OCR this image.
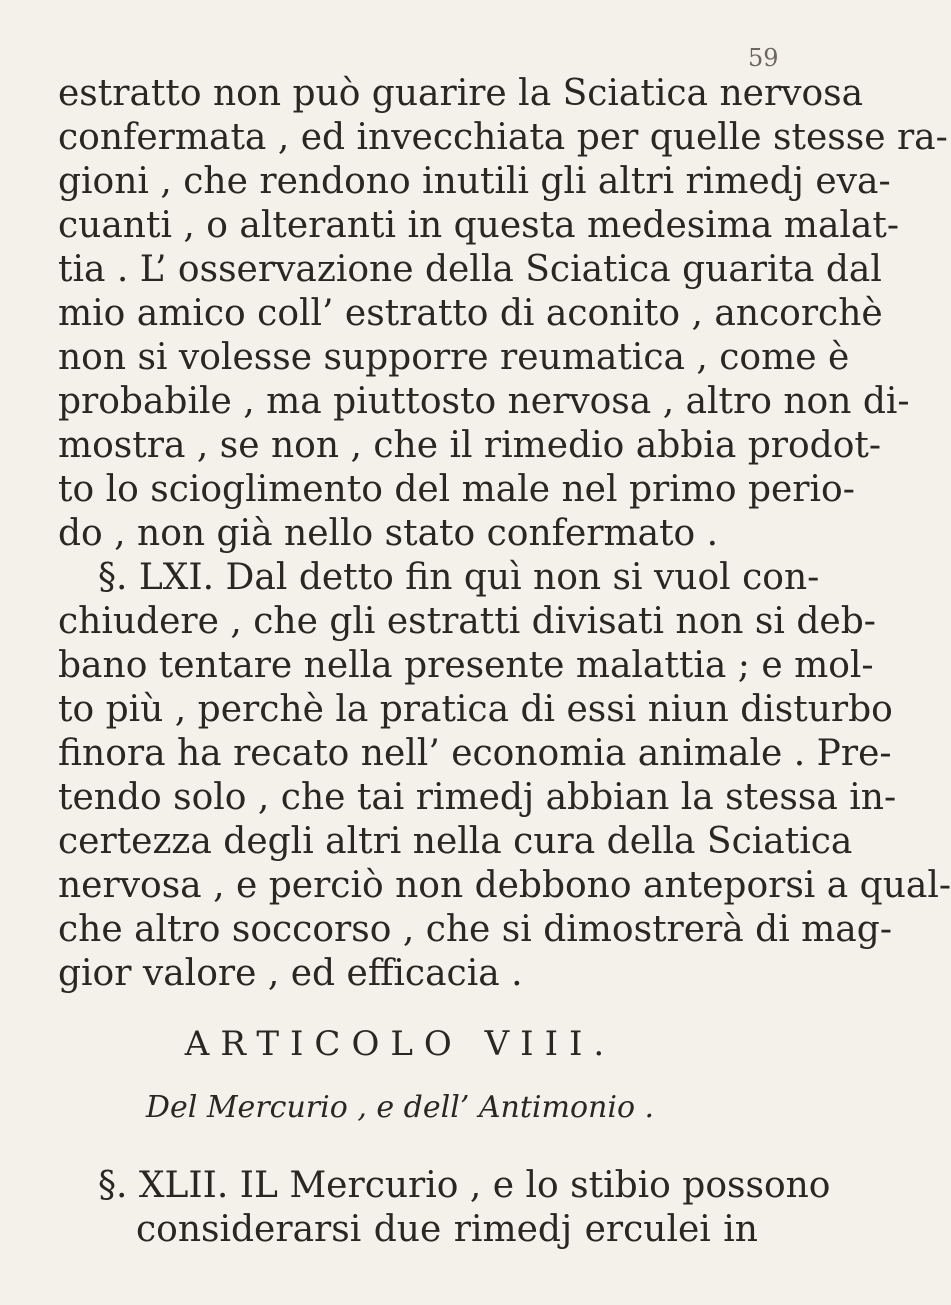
59
estratto non può guarire la Sciatica nervosa
confermata , ed invecchiata per quelle stesse ra-
gioni , che rendono inutili gli altri rimedj eva-
cuanti , o alteranti in questa medesima malat-
tia . L’ osservazione della Sciatica guarita dal
mio amico coll’ estratto di aconito , ancorchè
non si volesse supporre reumatica , come è
probabile , ma piuttosto nervosa , altro non di-
mostra , se non , che il rimedio abbia prodot-
to lo scioglimento del male nel primo perio-
do , non già nello stato confermato .
§. LXI. Dal detto fin quì non si vuol con-
chiudere , che gli estratti divisati non si deb-
bano tentare nella presente malattia ; e mol-
to più , perchè la pratica di essi niun disturbo
finora ha recato nell’ economia animale . Pre-
tendo solo , che tai rimedj abbian la stessa in-
certezza degli altri nella cura della Sciatica
nervosa , e perciò non debbono anteporsi a qual-
che altro soccorso , che si dimostrerà di mag-
gior valore , ed efficacia .
ARTICOLO VIII.
Del Mercurio , e dell’ Antimonio .
§. XLII. IL Mercurio , e lo stibio possono
considerarsi due rimedj erculei in
